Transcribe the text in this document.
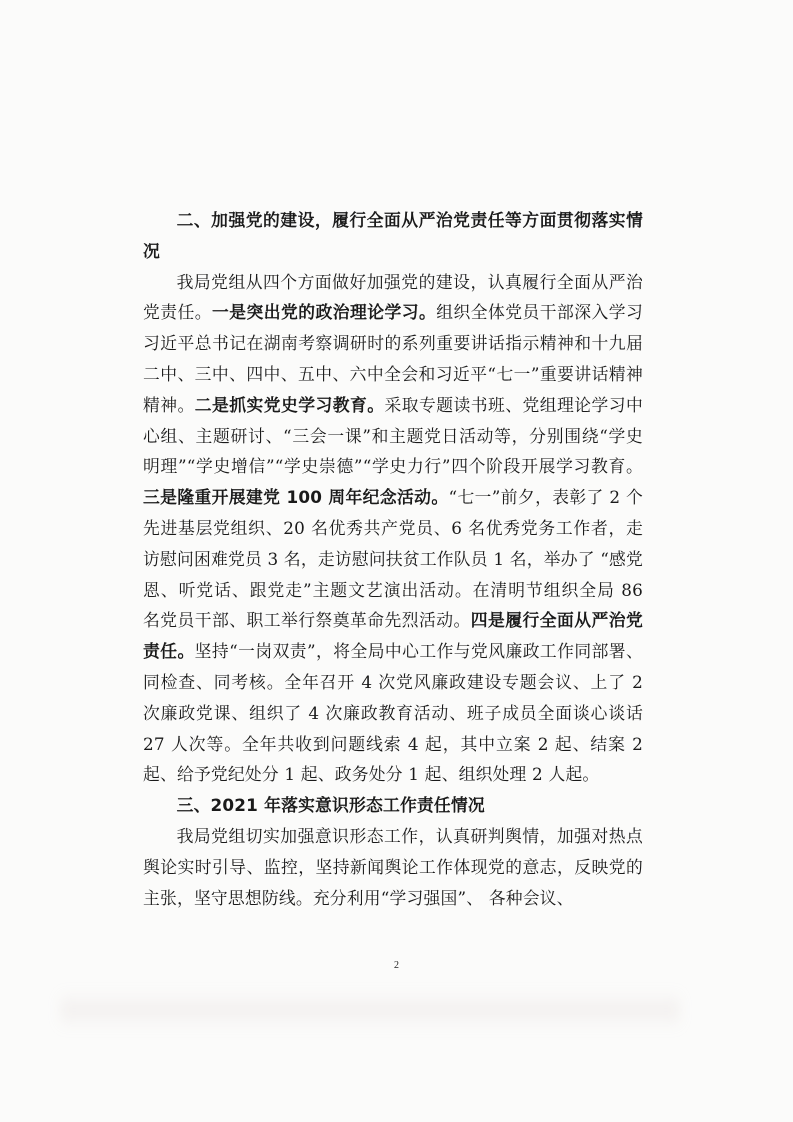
二、加强党的建设，履行全面从严治党责任等方面贯彻落实情况

我局党组从四个方面做好加强党的建设，认真履行全面从严治党责任。一是突出党的政治理论学习。组织全体党员干部深入学习习近平总书记在湖南考察调研时的系列重要讲话指示精神和十九届二中、三中、四中、五中、六中全会和习近平“七一”重要讲话精神精神。二是抓实党史学习教育。采取专题读书班、党组理论学习中心组、主题研讨、“三会一课”和主题党日活动等，分别围绕“学史明理”“学史增信”“学史崇德”“学史力行”四个阶段开展学习教育。三是隆重开展建党 100 周年纪念活动。“七一”前夕，表彰了 2 个先进基层党组织、20 名优秀共产党员、6 名优秀党务工作者，走访慰问困难党员 3 名，走访慰问扶贫工作队员 1 名，举办了 “感党恩、听党话、跟党走”主题文艺演出活动。在清明节组织全局 86 名党员干部、职工举行祭奠革命先烈活动。四是履行全面从严治党责任。坚持“一岗双责”，将全局中心工作与党风廉政工作同部署、同检查、同考核。全年召开 4 次党风廉政建设专题会议、上了 2 次廉政党课、组织了 4 次廉政教育活动、班子成员全面谈心谈话 27 人次等。全年共收到问题线索 4 起，其中立案 2 起、结案 2 起、给予党纪处分 1 起、政务处分 1 起、组织处理 2 人起。

三、2021 年落实意识形态工作责任情况

我局党组切实加强意识形态工作，认真研判舆情，加强对热点舆论实时引导、监控，坚持新闻舆论工作体现党的意志，反映党的主张，坚守思想防线。充分利用“学习强国”、 各种会议、

2
